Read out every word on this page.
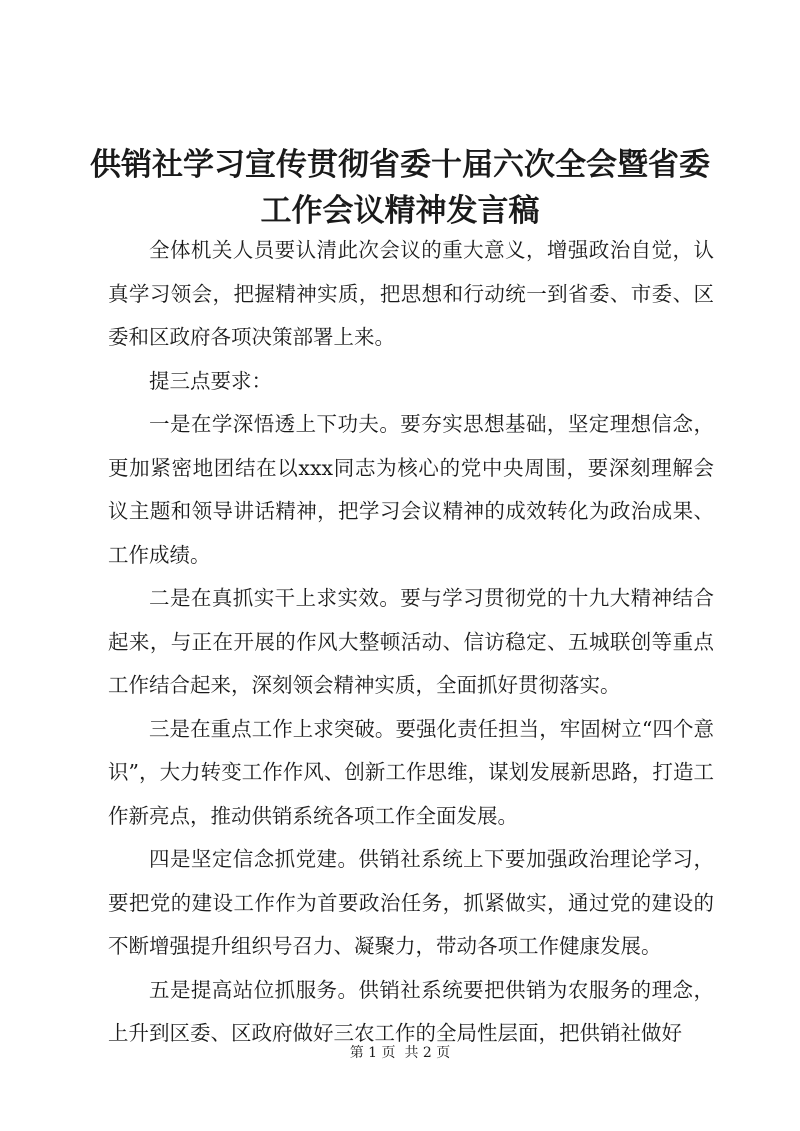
供销社学习宣传贯彻省委十届六次全会暨省委
工作会议精神发言稿

全体机关人员要认清此次会议的重大意义，增强政治自觉，认真学习领会，把握精神实质，把思想和行动统一到省委、市委、区委和区政府各项决策部署上来。

提三点要求：

一是在学深悟透上下功夫。要夯实思想基础，坚定理想信念，更加紧密地团结在以xxx同志为核心的党中央周围，要深刻理解会议主题和领导讲话精神，把学习会议精神的成效转化为政治成果、工作成绩。

二是在真抓实干上求实效。要与学习贯彻党的十九大精神结合起来，与正在开展的作风大整顿活动、信访稳定、五城联创等重点工作结合起来，深刻领会精神实质，全面抓好贯彻落实。

三是在重点工作上求突破。要强化责任担当，牢固树立“四个意识”，大力转变工作作风、创新工作思维，谋划发展新思路，打造工作新亮点，推动供销系统各项工作全面发展。

四是坚定信念抓党建。供销社系统上下要加强政治理论学习，要把党的建设工作作为首要政治任务，抓紧做实，通过党的建设的不断增强提升组织号召力、凝聚力，带动各项工作健康发展。

五是提高站位抓服务。供销社系统要把供销为农服务的理念，上升到区委、区政府做好三农工作的全局性层面，把供销社做好

第 1 页  共 2 页
